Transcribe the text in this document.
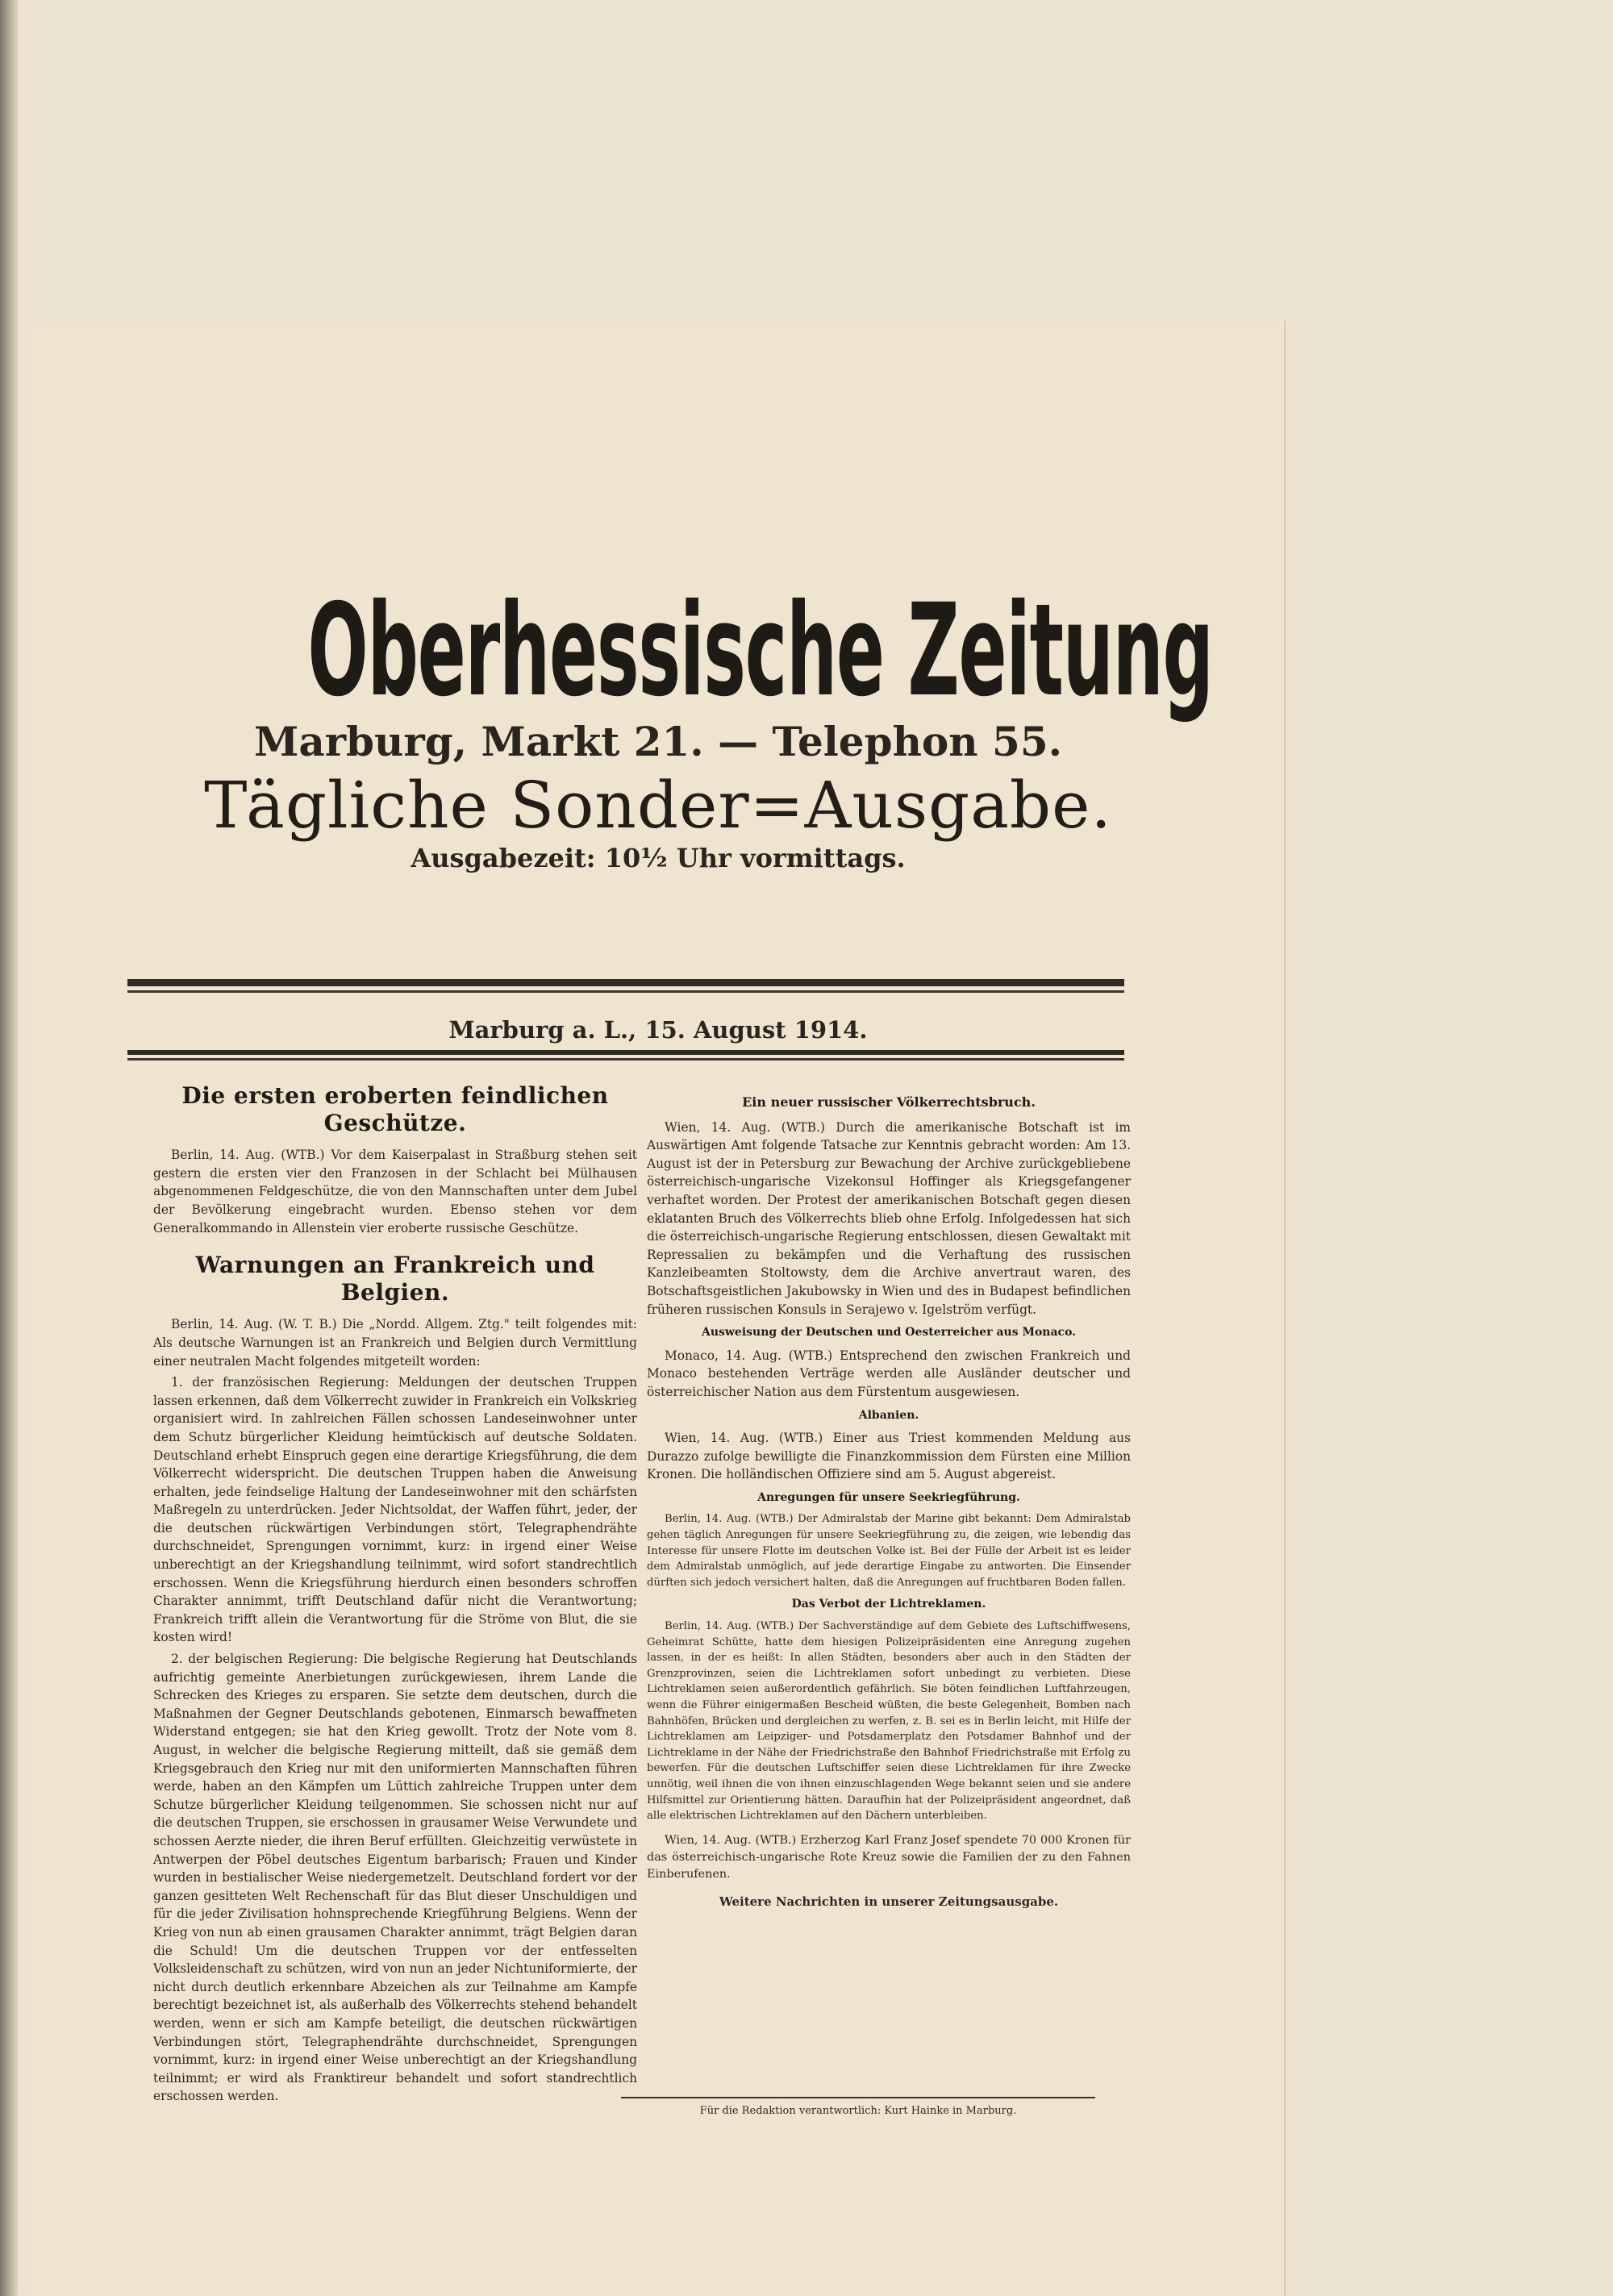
Oberhessische Zeitung
Marburg, Markt 21. — Telephon 55.
Tägliche Sonder=Ausgabe.
Ausgabezeit: 10½ Uhr vormittags.
Marburg a. L., 15. August 1914.
Die ersten eroberten feindlichen Geschütze.

Berlin, 14. Aug. (WTB.) Vor dem Kaiserpalast in Straßburg stehen seit gestern die ersten vier den Franzosen in der Schlacht bei Mülhausen abgenommenen Feldgeschütze, die von den Mannschaften unter dem Jubel der Bevölkerung eingebracht wurden. Ebenso stehen vor dem Generalkommando in Allenstein vier eroberte russische Geschütze.

Warnungen an Frankreich und Belgien.

Berlin, 14. Aug. (W. T. B.) Die „Nordd. Allgem. Ztg." teilt folgendes mit: Als deutsche Warnungen ist an Frankreich und Belgien durch Vermittlung einer neutralen Macht folgendes mitgeteilt worden:

1. der französischen Regierung: Meldungen der deutschen Truppen lassen erkennen, daß dem Völkerrecht zuwider in Frankreich ein Volkskrieg organisiert wird. In zahlreichen Fällen schossen Landeseinwohner unter dem Schutz bürgerlicher Kleidung heimtückisch auf deutsche Soldaten. Deutschland erhebt Einspruch gegen eine derartige Kriegsführung, die dem Völkerrecht widerspricht. Die deutschen Truppen haben die Anweisung erhalten, jede feindselige Haltung der Landeseinwohner mit den schärfsten Maßregeln zu unterdrücken. Jeder Nichtsoldat, der Waffen führt, jeder, der die deutschen rückwärtigen Verbindungen stört, Telegraphendrähte durchschneidet, Sprengungen vornimmt, kurz: in irgend einer Weise unberechtigt an der Kriegshandlung teilnimmt, wird sofort standrechtlich erschossen. Wenn die Kriegsführung hierdurch einen besonders schroffen Charakter annimmt, trifft Deutschland dafür nicht die Verantwortung; Frankreich trifft allein die Verantwortung für die Ströme von Blut, die sie kosten wird!

2. der belgischen Regierung: Die belgische Regierung hat Deutschlands aufrichtig gemeinte Anerbietungen zurückgewiesen, ihrem Lande die Schrecken des Krieges zu ersparen. Sie setzte dem deutschen, durch die Maßnahmen der Gegner Deutschlands gebotenen, Einmarsch bewaffneten Widerstand entgegen; sie hat den Krieg gewollt. Trotz der Note vom 8. August, in welcher die belgische Regierung mitteilt, daß sie gemäß dem Kriegsgebrauch den Krieg nur mit den uniformierten Mannschaften führen werde, haben an den Kämpfen um Lüttich zahlreiche Truppen unter dem Schutze bürgerlicher Kleidung teilgenommen. Sie schossen nicht nur auf die deutschen Truppen, sie erschossen in grausamer Weise Verwundete und schossen Aerzte nieder, die ihren Beruf erfüllten. Gleichzeitig verwüstete in Antwerpen der Pöbel deutsches Eigentum barbarisch; Frauen und Kinder wurden in bestialischer Weise niedergemetzelt. Deutschland fordert vor der ganzen gesitteten Welt Rechenschaft für das Blut dieser Unschuldigen und für die jeder Zivilisation hohnsprechende Kriegführung Belgiens. Wenn der Krieg von nun ab einen grausamen Charakter annimmt, trägt Belgien daran die Schuld! Um die deutschen Truppen vor der entfesselten Volksleidenschaft zu schützen, wird von nun an jeder Nichtuniformierte, der nicht durch deutlich erkennbare Abzeichen als zur Teilnahme am Kampfe berechtigt bezeichnet ist, als außerhalb des Völkerrechts stehend behandelt werden, wenn er sich am Kampfe beteiligt, die deutschen rückwärtigen Verbindungen stört, Telegraphendrähte durchschneidet, Sprengungen vornimmt, kurz: in irgend einer Weise unberechtigt an der Kriegshandlung teilnimmt; er wird als Franktireur behandelt und sofort standrechtlich erschossen werden.

Ein neuer russischer Völkerrechtsbruch.

Wien, 14. Aug. (WTB.) Durch die amerikanische Botschaft ist im Auswärtigen Amt folgende Tatsache zur Kenntnis gebracht worden: Am 13. August ist der in Petersburg zur Bewachung der Archive zurückgebliebene österreichisch-ungarische Vizekonsul Hoffinger als Kriegsgefangener verhaftet worden. Der Protest der amerikanischen Botschaft gegen diesen eklatanten Bruch des Völkerrechts blieb ohne Erfolg. Infolgedessen hat sich die österreichisch-ungarische Regierung entschlossen, diesen Gewaltakt mit Repressalien zu bekämpfen und die Verhaftung des russischen Kanzleibeamten Stoltowsty, dem die Archive anvertraut waren, des Botschaftsgeistlichen Jakubowsky in Wien und des in Budapest befindlichen früheren russischen Konsuls in Serajewo v. Igelström verfügt.

Ausweisung der Deutschen und Oesterreicher aus Monaco.

Monaco, 14. Aug. (WTB.) Entsprechend den zwischen Frankreich und Monaco bestehenden Verträge werden alle Ausländer deutscher und österreichischer Nation aus dem Fürstentum ausgewiesen.

Albanien.

Wien, 14. Aug. (WTB.) Einer aus Triest kommenden Meldung aus Durazzo zufolge bewilligte die Finanzkommission dem Fürsten eine Million Kronen. Die holländischen Offiziere sind am 5. August abgereist.

Anregungen für unsere Seekriegführung.

Berlin, 14. Aug. (WTB.) Der Admiralstab der Marine gibt bekannt: Dem Admiralstab gehen täglich Anregungen für unsere Seekriegführung zu, die zeigen, wie lebendig das Interesse für unsere Flotte im deutschen Volke ist. Bei der Fülle der Arbeit ist es leider dem Admiralstab unmöglich, auf jede derartige Eingabe zu antworten. Die Einsender dürften sich jedoch versichert halten, daß die Anregungen auf fruchtbaren Boden fallen.

Das Verbot der Lichtreklamen.

Berlin, 14. Aug. (WTB.) Der Sachverständige auf dem Gebiete des Luftschiffwesens, Geheimrat Schütte, hatte dem hiesigen Polizeipräsidenten eine Anregung zugehen lassen, in der es heißt: In allen Städten, besonders aber auch in den Städten der Grenzprovinzen, seien die Lichtreklamen sofort unbedingt zu verbieten. Diese Lichtreklamen seien außerordentlich gefährlich. Sie böten feindlichen Luftfahrzeugen, wenn die Führer einigermaßen Bescheid wüßten, die beste Gelegenheit, Bomben nach Bahnhöfen, Brücken und dergleichen zu werfen, z. B. sei es in Berlin leicht, mit Hilfe der Lichtreklamen am Leipziger- und Potsdamerplatz den Potsdamer Bahnhof und der Lichtreklame in der Nähe der Friedrichstraße den Bahnhof Friedrichstraße mit Erfolg zu bewerfen. Für die deutschen Luftschiffer seien diese Lichtreklamen für ihre Zwecke unnötig, weil ihnen die von ihnen einzuschlagenden Wege bekannt seien und sie andere Hilfsmittel zur Orientierung hätten. Daraufhin hat der Polizeipräsident angeordnet, daß alle elektrischen Lichtreklamen auf den Dächern unterbleiben.

Wien, 14. Aug. (WTB.) Erzherzog Karl Franz Josef spendete 70 000 Kronen für das österreichisch-ungarische Rote Kreuz sowie die Familien der zu den Fahnen Einberufenen.

Weitere Nachrichten in unserer Zeitungsausgabe.
Für die Redaktion verantwortlich: Kurt Hainke in Marburg.
